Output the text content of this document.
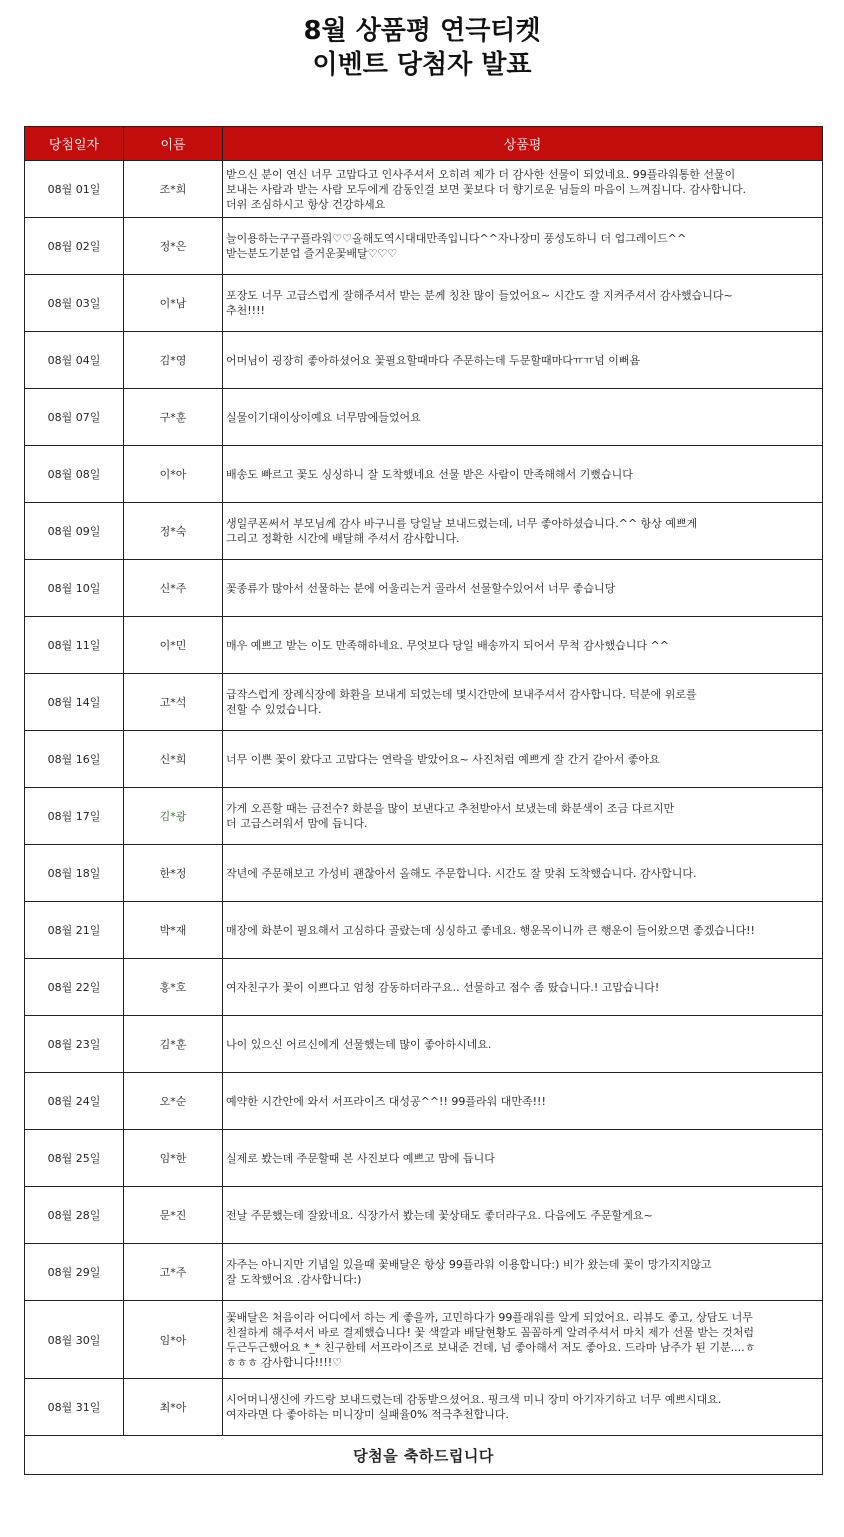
8월 상품평 연극티켓
이벤트 당첨자 발표
당첨일자	이름	상품평
08월 01일	조*희	받으신 분이 연신 너무 고맙다고 인사주셔서 오히려 제가 더 감사한 선물이 되었네요. 99플라워통한 선물이
보내는 사람과 받는 사람 모두에게 감동인걸 보면 꽃보다 더 향기로운 님들의 마음이 느껴집니다. 감사합니다.
더위 조심하시고 항상 건강하세요
08월 02일	정*은	늘이용하는구구플라워♡♡올해도역시대대만족입니다^^자나장미 풍성도하니 더 업그레이드^^
받는분도기분업 즐거운꽃배달♡♡♡
08월 03일	이*남	포장도 너무 고급스럽게 잘해주셔서 받는 분께 칭찬 많이 들었어요~ 시간도 잘 지켜주셔서 감사했습니다~
추천!!!!
08월 04일	김*영	어머님이 굉장히 좋아하셨어요 꽃필요할때마다 주문하는데 두문할때마다ㅠㅠ넘 이뻐욤
08월 07일	구*훈	실물이기대이상이예요 너무맘에들었어요
08월 08일	이*아	배송도 빠르고 꽃도 싱싱하니 잘 도착했네요 선물 받은 사람이 만족해해서 기뻤습니다
08월 09일	정*숙	생일쿠폰써서 부모님께 감사 바구니를 당일날 보내드렸는데, 너무 좋아하셨습니다.^^ 항상 예쁘게
그리고 정확한 시간에 배달해 주셔서 감사합니다.
08월 10일	신*주	꽃종류가 많아서 선물하는 분에 어울리는거 골라서 선물할수있어서 너무 좋습니당
08월 11일	이*민	매우 예쁘고 받는 이도 만족해하네요. 무엇보다 당일 배송까지 되어서 무척 감사했습니다 ^^
08월 14일	고*석	급작스럽게 장례식장에 화환을 보내게 되었는데 몇시간만에 보내주셔서 감사합니다. 덕분에 위로를
전할 수 있었습니다.
08월 16일	신*희	너무 이쁜 꽃이 왔다고 고맙다는 연락을 받았어요~ 사진처럼 예쁘게 잘 간거 같아서 좋아요
08월 17일	김*광	가게 오픈할 때는 금전수? 화분을 많이 보낸다고 추천받아서 보냈는데 화분색이 조금 다르지만
더 고급스러워서 맘에 듭니다.
08월 18일	한*정	작년에 주문해보고 가성비 괜찮아서 올해도 주문합니다. 시간도 잘 맞춰 도착했습니다. 감사합니다.
08월 21일	박*재	매장에 화분이 필요해서 고심하다 골랐는데 싱싱하고 좋네요. 행운목이니까 큰 행운이 들어왔으면 좋겠습니다!!
08월 22일	홍*호	여자친구가 꽃이 이쁘다고 엄청 감동하더라구요.. 선물하고 점수 좀 땄습니다.! 고맙습니다!
08월 23일	김*훈	나이 있으신 어르신에게 선물했는데 많이 좋아하시네요.
08월 24일	오*순	예약한 시간안에 와서 서프라이즈 대성공^^!! 99플라워 대만족!!!
08월 25일	임*한	실제로 봤는데 주문할때 본 사진보다 예쁘고 맘에 듭니다
08월 28일	문*진	전날 주문했는데 잘왔네요. 식장가서 봤는데 꽃상태도 좋더라구요. 다음에도 주문할게요~
08월 29일	고*주	자주는 아니지만 기념일 있을때 꽃배달은 항상 99플라워 이용합니다:) 비가 왔는데 꽃이 망가지지않고
잘 도착했어요 .감사합니다:)
08월 30일	임*아	꽃배달은 처음이라 어디에서 하는 게 좋을까, 고민하다가 99플래워를 알게 되었어요. 리뷰도 좋고, 상담도 너무
친절하게 해주셔서 바로 결제했습니다! 꽃 색깔과 배달현황도 꼼꼼하게 알려주셔서 마치 제가 선물 받는 것처럼
두근두근했어요 *_* 친구한테 서프라이즈로 보내준 건데, 넘 좋아해서 저도 좋아요. 드라마 남주가 된 기분....ㅎ
ㅎㅎㅎ 감사합니다!!!!♡
08월 31일	최*아	시어머니생신에 카드랑 보내드렸는데 감동받으셨어요. 핑크색 미니 장미 아기자기하고 너무 예쁘시대요.
여자라면 다 좋아하는 미니장미 실패율0% 적극추천합니다.
당첨을 축하드립니다		
